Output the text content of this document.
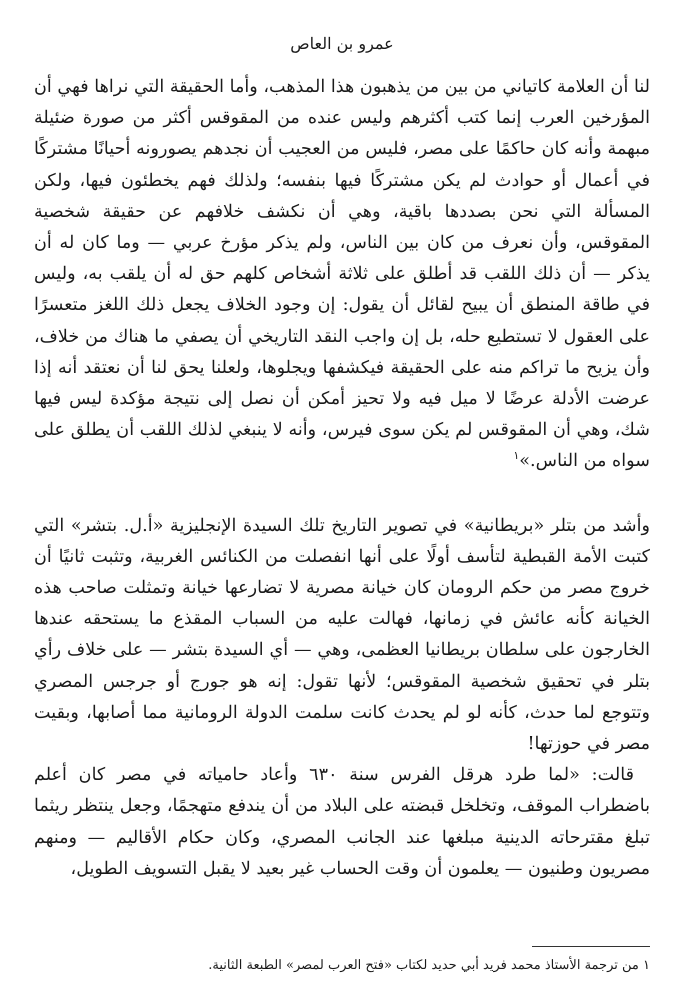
عمرو بن العاص

لنا أن العلامة كاتياني من بين من يذهبون هذا المذهب، وأما الحقيقة التي نراها فهي أن المؤرخين العرب إنما كتب أكثرهم وليس عنده من المقوقس أكثر من صورة ضئيلة مبهمة وأنه كان حاكمًا على مصر، فليس من العجيب أن نجدهم يصورونه أحيانًا مشتركًا في أعمال أو حوادث لم يكن مشتركًا فيها بنفسه؛ ولذلك فهم يخطئون فيها، ولكن المسألة التي نحن بصددها باقية، وهي أن نكشف خلافهم عن حقيقة شخصية المقوقس، وأن نعرف من كان بين الناس، ولم يذكر مؤرخ عربي — وما كان له أن يذكر — أن ذلك اللقب قد أطلق على ثلاثة أشخاص كلهم حق له أن يلقب به، وليس في طاقة المنطق أن يبيح لقائل أن يقول: إن وجود الخلاف يجعل ذلك اللغز متعسرًا على العقول لا تستطيع حله، بل إن واجب النقد التاريخي أن يصفي ما هناك من خلاف، وأن يزيح ما تراكم منه على الحقيقة فيكشفها ويجلوها، ولعلنا يحق لنا أن نعتقد أنه إذا عرضت الأدلة عرضًا لا ميل فيه ولا تحيز أمكن أن نصل إلى نتيجة مؤكدة ليس فيها شك، وهي أن المقوقس لم يكن سوى فيرس، وأنه لا ينبغي لذلك اللقب أن يطلق على سواه من الناس.»$^١$

وأشد من بتلر «بريطانية» في تصوير التاريخ تلك السيدة الإنجليزية «أ.ل. بتشر» التي كتبت الأمة القبطية لتأسف أولًا على أنها انفصلت من الكنائس الغربية، وتثبت ثانيًا أن خروج مصر من حكم الرومان كان خيانة مصرية لا تضارعها خيانة وتمثلت صاحب هذه الخيانة كأنه عائش في زمانها، فهالت عليه من السباب المقذع ما يستحقه عندها الخارجون على سلطان بريطانيا العظمى، وهي — أي السيدة بتشر — على خلاف رأي بتلر في تحقيق شخصية المقوقس؛ لأنها تقول: إنه هو جورج أو جرجس المصري وتتوجع لما حدث، كأنه لو لم يحدث كانت سلمت الدولة الرومانية مما أصابها، وبقيت مصر في حوزتها!

قالت: «لما طرد هرقل الفرس سنة ٦٣٠ وأعاد حامياته في مصر كان أعلم باضطراب الموقف، وتخلخل قبضته على البلاد من أن يندفع متهجمًا، وجعل ينتظر ريثما تبلغ مقترحاته الدينية مبلغها عند الجانب المصري، وكان حكام الأقاليم — ومنهم مصريون وطنيون — يعلمون أن وقت الحساب غير بعيد لا يقبل التسويف الطويل،

١ من ترجمة الأستاذ محمد فريد أبي حديد لكتاب «فتح العرب لمصر» الطبعة الثانية.
